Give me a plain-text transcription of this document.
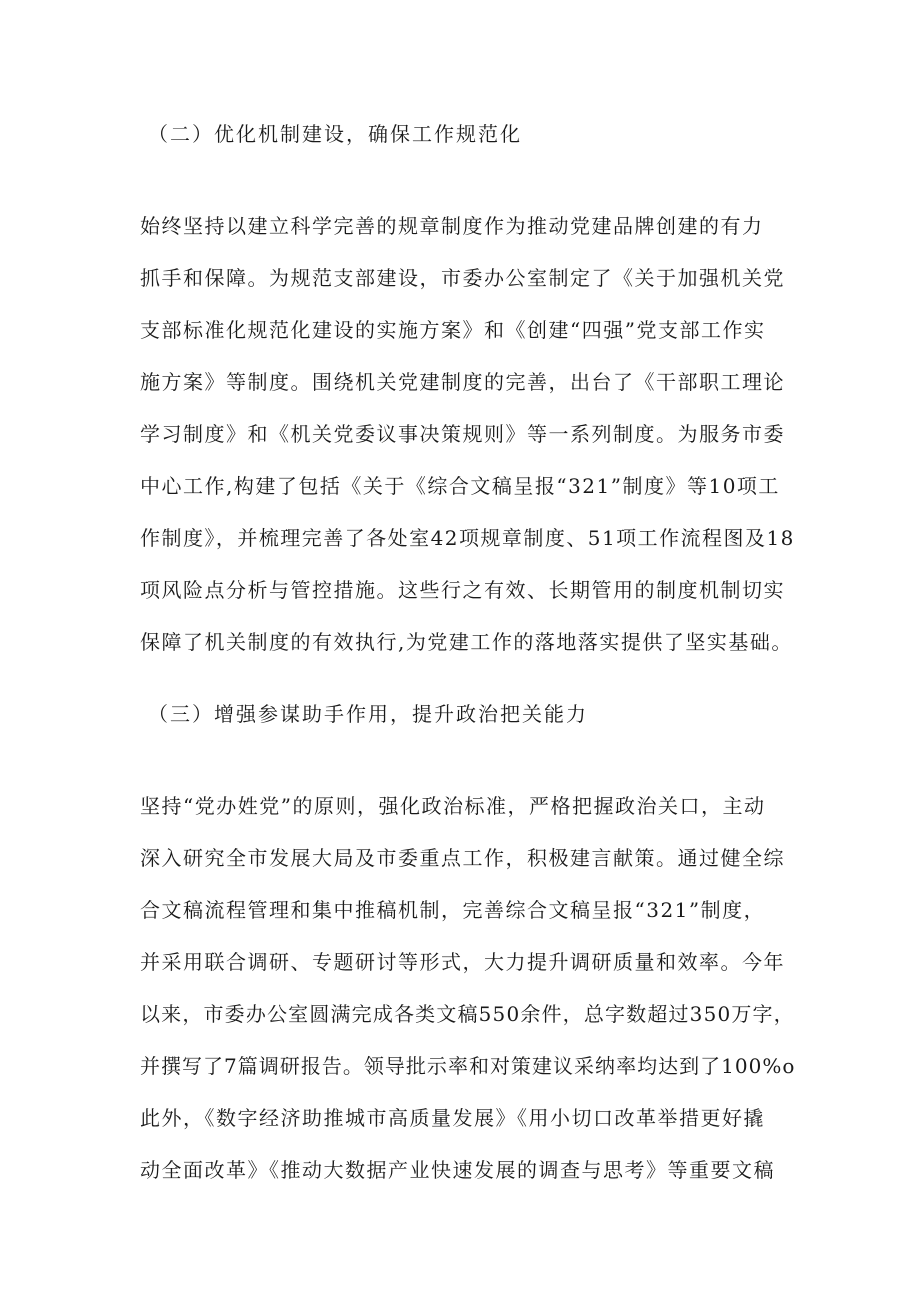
（二）优化机制建设，确保工作规范化
始终坚持以建立科学完善的规章制度作为推动党建品牌创建的有力
抓手和保障。为规范支部建设，市委办公室制定了《关于加强机关党
支部标准化规范化建设的实施方案》和《创建“四强”党支部工作实
施方案》等制度。围绕机关党建制度的完善，出台了《干部职工理论
学习制度》和《机关党委议事决策规则》等一系列制度。为服务市委
中心工作,构建了包括《关于《综合文稿呈报“321”制度》等10项工
作制度》，并梳理完善了各处室42项规章制度、51项工作流程图及18
项风险点分析与管控措施。这些行之有效、长期管用的制度机制切实
保障了机关制度的有效执行,为党建工作的落地落实提供了坚实基础。
（三）增强参谋助手作用，提升政治把关能力
坚持“党办姓党”的原则，强化政治标准，严格把握政治关口，主动
深入研究全市发展大局及市委重点工作，积极建言献策。通过健全综
合文稿流程管理和集中推稿机制，完善综合文稿呈报“321”制度，
并采用联合调研、专题研讨等形式，大力提升调研质量和效率。今年
以来，市委办公室圆满完成各类文稿550余件，总字数超过350万字，
并撰写了7篇调研报告。领导批示率和对策建议采纳率均达到了100%o
此外，《数字经济助推城市高质量发展》《用小切口改革举措更好撬
动全面改革》《推动大数据产业快速发展的调查与思考》等重要文稿
